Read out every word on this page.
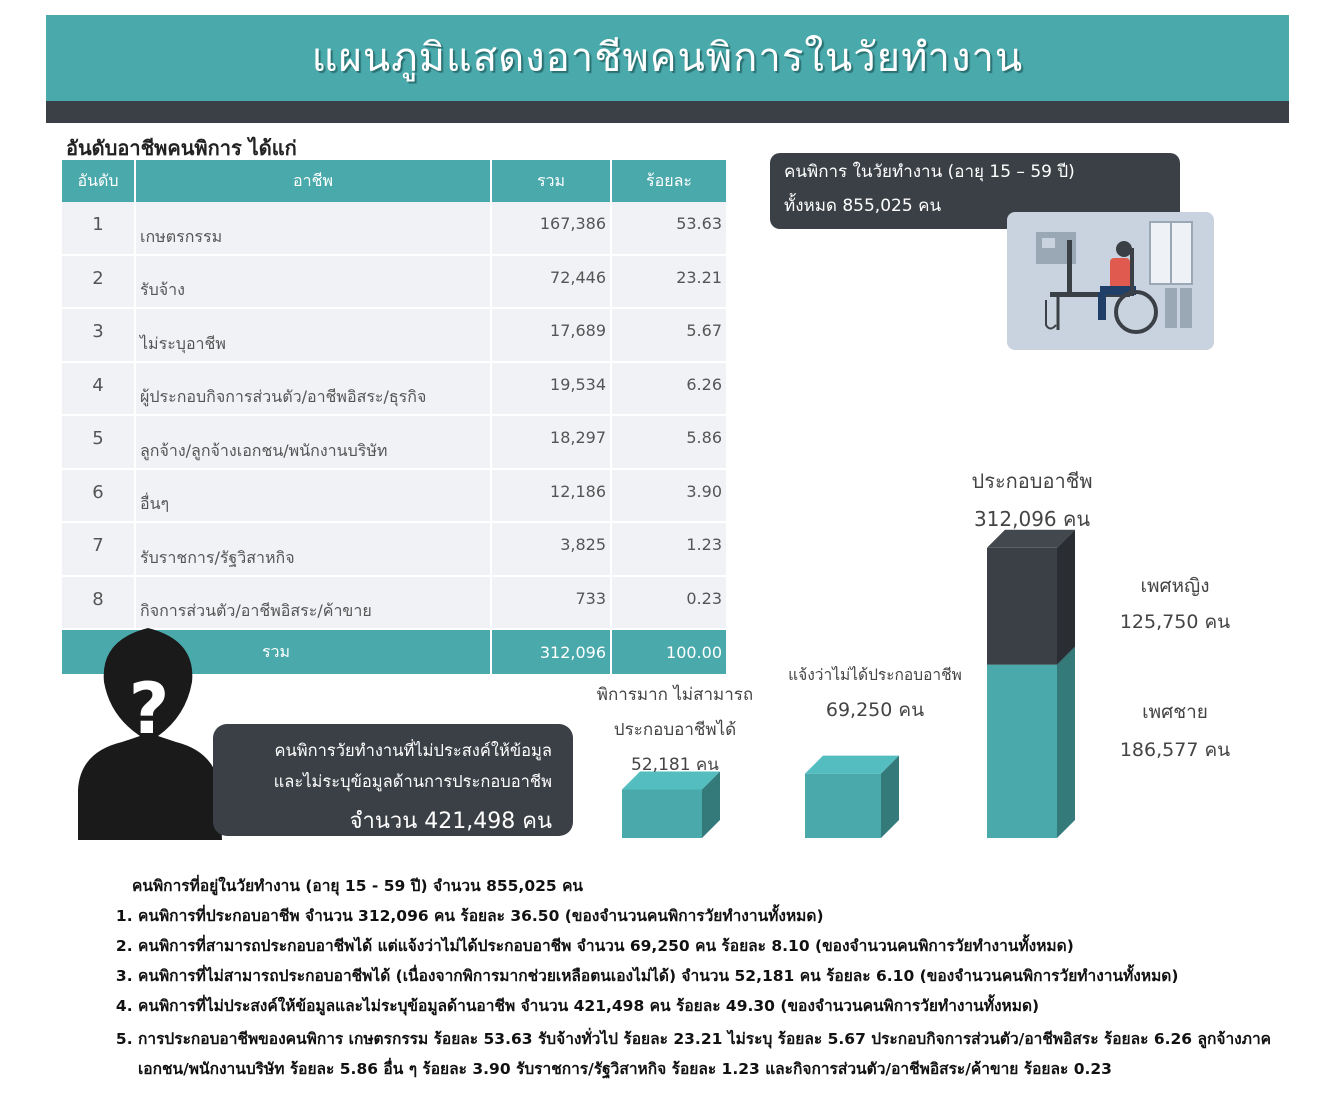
แผนภูมิแสดงอาชีพคนพิการในวัยทำงาน
อันดับอาชีพคนพิการ ได้แก่
อันดับ	อาชีพ	รวม	ร้อยละ
1	เกษตรกรรม	167,386	53.63
2	รับจ้าง	72,446	23.21
3	ไม่ระบุอาชีพ	17,689	5.67
4	ผู้ประกอบกิจการส่วนตัว/อาชีพอิสระ/ธุรกิจ	19,534	6.26
5	ลูกจ้าง/ลูกจ้างเอกชน/พนักงานบริษัท	18,297	5.86
6	อื่นๆ	12,186	3.90
7	รับราชการ/รัฐวิสาหกิจ	3,825	1.23
8	กิจการส่วนตัว/อาชีพอิสระ/ค้าขาย	733	0.23
รวม		312,096	100.00
คนพิการ ในวัยทำงาน (อายุ 15 – 59 ปี)
ทั้งหมด 855,025 คน
?
คนพิการวัยทำงานที่ไม่ประสงค์ให้ข้อมูล
และไม่ระบุข้อมูลด้านการประกอบอาชีพ
จำนวน 421,498 คน
พิการมาก ไม่สามารถ
ประกอบอาชีพได้
52,181 คน
แจ้งว่าไม่ได้ประกอบอาชีพ
69,250 คน
ประกอบอาชีพ
312,096 คน
เพศหญิง
125,750 คน
เพศชาย
186,577 คน
คนพิการที่อยู่ในวัยทำงาน (อายุ 15 - 59 ปี) จำนวน 855,025 คน
1. คนพิการที่ประกอบอาชีพ จำนวน 312,096 คน ร้อยละ 36.50 (ของจำนวนคนพิการวัยทำงานทั้งหมด)
2. คนพิการที่สามารถประกอบอาชีพได้ แต่แจ้งว่าไม่ได้ประกอบอาชีพ จำนวน 69,250 คน ร้อยละ 8.10 (ของจำนวนคนพิการวัยทำงานทั้งหมด)
3. คนพิการที่ไม่สามารถประกอบอาชีพได้ (เนื่องจากพิการมากช่วยเหลือตนเองไม่ได้) จำนวน 52,181 คน ร้อยละ 6.10 (ของจำนวนคนพิการวัยทำงานทั้งหมด)
4. คนพิการที่ไม่ประสงค์ให้ข้อมูลและไม่ระบุข้อมูลด้านอาชีพ จำนวน 421,498 คน ร้อยละ 49.30 (ของจำนวนคนพิการวัยทำงานทั้งหมด)
5. การประกอบอาชีพของคนพิการ เกษตรกรรม ร้อยละ 53.63 รับจ้างทั่วไป ร้อยละ 23.21 ไม่ระบุ ร้อยละ 5.67 ประกอบกิจการส่วนตัว/อาชีพอิสระ ร้อยละ 6.26 ลูกจ้างภาคเอกชน/พนักงานบริษัท ร้อยละ 5.86 อื่น ๆ ร้อยละ 3.90 รับราชการ/รัฐวิสาหกิจ ร้อยละ 1.23 และกิจการส่วนตัว/อาชีพอิสระ/ค้าขาย ร้อยละ 0.23
